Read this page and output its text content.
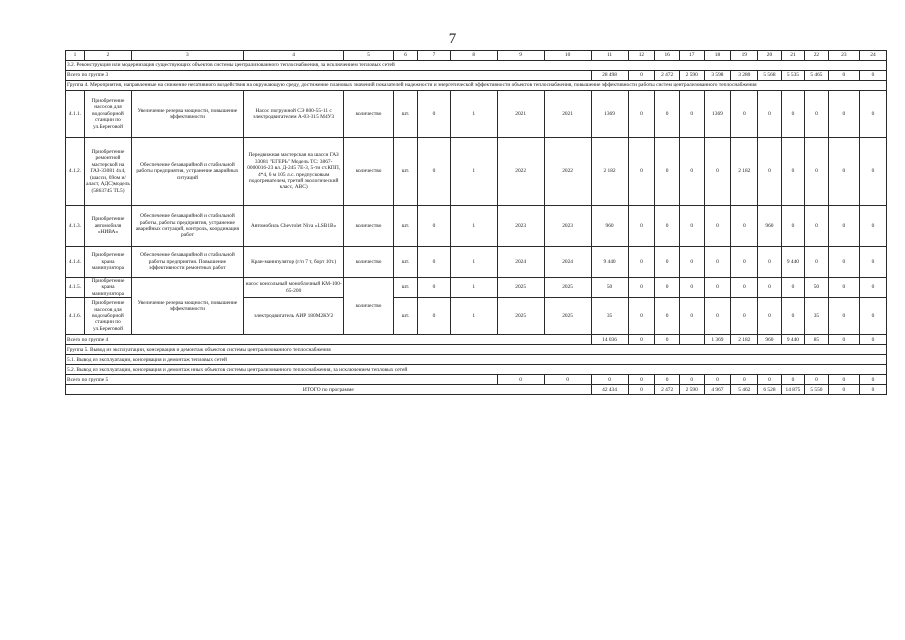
7
1	2	3	4	5	6	7	8	9	10	11	12	16	17	18	19	20	21	22	23	24
3.2. Реконструкция или модернизация существующих объектов системы централизованного теплоснабжения, за исключением тепловых сетей																				
Всего по группе 3										28 498	0	2 472	2 590	3 598	3 280	5 568	5 535	5 465	0	0
Группа 4. Мероприятия, направленные на снижение негативного воздействия на окружающую среду, достижение плановых значений показателей надежности и энергетической эффективности объектов теплоснабжения, повышение эффективности работы систем централизованного теплоснабжения																				
4.1.1.	Приобретение насосов для водозаборной станции по ул.Береговой	Увеличение резерва мощности, повышение эффективности	Насос погружной СЭ 800-55-11 с электродвигателем А-03-315 М4У3	количество	шт.	0	1	2021	2021	1369	0	0	0	1369	0	0	0	0	0	0
4.1.2.	Приобретение ремонтной мастерской на ГАЗ-33081 4х4, (шасси, 69ом и/аласт, АДС)модель (5863745 TL5)	Обеспечение безаварийной и стабильной работы предприятия, устранение аварийных ситуаций	Передвижная мастерская на шасси ГАЗ 33081 "ЕГЕРЬ" Модель ТС: 3867-0000016-23 вл. Д-245 7Е-3, 5-ти ст.КПП, 4*4, 6 м 105 л.с. предпусковым подогревателем, третий экологический класс, АВС)	количество	шт.	0	1	2022	2022	2 182	0	0	0	0	2 182	0	0	0	0	0
4.1.3.	Приобретение автомобиля «НИВА»	Обеспечение безаварийной и стабильной работы, работы предприятия, устранение аварийных ситуаций, контроль, координация работ	Автомобиль Chevrolet Niva «LSВ1В»	количество	шт.	0	1	2023	2023	960	0	0	0	0	0	960	0	0	0	0
4.1.4.	Приобретение крана манипулятора	Обеспечение безаварийной и стабильной работы предприятия. Повышение эффективности ремонтных работ	Кран-манипулятор (г/п 7 т, борт 10т.)	количество	шт.	0	1	2024	2024	9 440	0	0	0	0	0	0	9 440	0	0	0
4.1.5.	Приобретение крана манипулятора	Увеличение резерва мощности, повышение эффективности	насос консольный моноблочный КМ-100-65-200	количество	шт.	0	1	2025	2025	50	0	0	0	0	0	0	0	50	0	0
4.1.6.	Приобретение насосов для водозаборной станции по ул.Береговой		электродвигатель АИР 180М2КУ2		шт.	0	1	2025	2025	35	0	0	0	0	0	0	0	35	0	0
Всего по группе 4										14 036	0	0		1 369	2 182	960	9 440	85	0	0
Группа 5. Вывод из эксплуатации, консервация и демонтаж объектов системы централизованного теплоснабжения																				
5.1. Вывод из эксплуатации, консервация и демонтаж тепловых сетей																				
5.2. Вывод из эксплуатации, консервация и демонтаж иных объектов системы централизованного теплоснабжения, за исключением тепловых сетей																				
Всего по группе 5								0	0	0	0	0	0	0	0	0	0	0	0	0
ИТОГО по программе										42 434	0	2 472	2 590	4 967	5 462	6 528	14 875	5 550	0	0
